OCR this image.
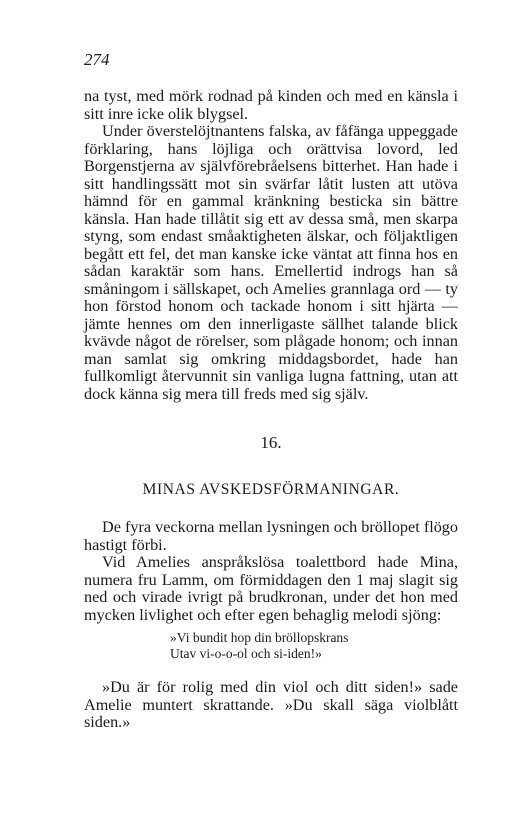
274

na tyst, med mörk rodnad på kinden och med en känsla i sitt inre icke olik blygsel.

Under överstelöjtnantens falska, av fåfänga uppeggade förklaring, hans löjliga och orättvisa lovord, led Borgenstjerna av självförebråelsens bitterhet. Han hade i sitt handlingssätt mot sin svärfar låtit lusten att utöva hämnd för en gammal kränkning besticka sin bättre känsla. Han hade tillåtit sig ett av dessa små, men skarpa styng, som endast småaktigheten älskar, och följaktligen begått ett fel, det man kanske icke väntat att finna hos en sådan karaktär som hans. Emellertid indrogs han så småningom i sällskapet, och Amelies grannlaga ord — ty hon förstod honom och tackade honom i sitt hjärta — jämte hennes om den innerligaste sällhet talande blick kvävde något de rörelser, som plågade honom; och innan man samlat sig omkring middagsbordet, hade han fullkomligt återvunnit sin vanliga lugna fattning, utan att dock känna sig mera till freds med sig själv.

16.
MINAS AVSKEDSFÖRMANINGAR.

De fyra veckorna mellan lysningen och bröllopet flögo hastigt förbi.

Vid Amelies anspråkslösa toalettbord hade Mina, numera fru Lamm, om förmiddagen den 1 maj slagit sig ned och virade ivrigt på brudkronan, under det hon med mycken livlighet och efter egen behaglig melodi sjöng:

»Vi bundit hop din bröllopskrans
Utav vi-o-o-ol och si-iden!»

»Du är för rolig med din viol och ditt siden!» sade Amelie muntert skrattande. »Du skall säga violblått siden.»
